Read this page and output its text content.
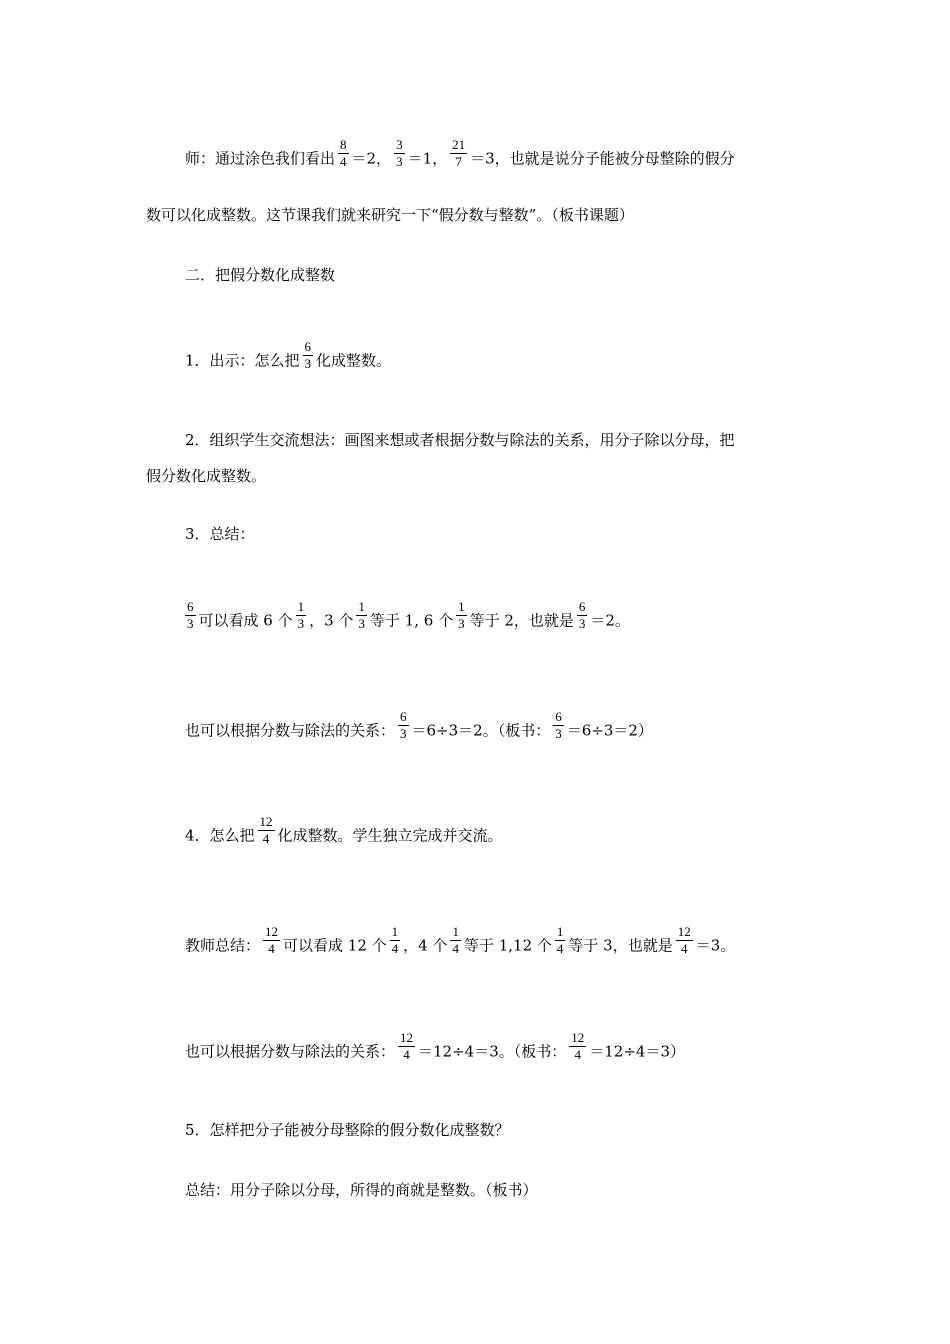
师：通过涂色我们看出 $\frac{8}{4} =2$， $\frac{3}{3} =1$， $\frac{21}{7} =3$，也就是说分子能被分母整除的假分
数可以化成整数。这节课我们就来研究一下“假分数与整数”。（板书课题）
二．把假分数化成整数
1．出示：怎么把 $\frac{6}{3}$ 化成整数。
2．组织学生交流想法：画图来想或者根据分数与除法的关系，用分子除以分母，把
假分数化成整数。
3．总结：
$\frac{6}{3}$ 可以看成 6 个 $\frac{1}{3}$ ，3 个 $\frac{1}{3}$ 等于 1, 6 个 $\frac{1}{3}$ 等于 2，也就是 $\frac{6}{3} =2$。
也可以根据分数与除法的关系： $\frac{6}{3} =6\div 3=2$。（板书： $\frac{6}{3} =6\div 3=2$）
4．怎么把 $\frac{12}{4}$ 化成整数。学生独立完成并交流。
教师总结： $\frac{12}{4}$ 可以看成 12 个 $\frac{1}{4}$ ，4 个 $\frac{1}{4}$ 等于 1,12 个 $\frac{1}{4}$ 等于 3，也就是 $\frac{12}{4} =3$。
也可以根据分数与除法的关系： $\frac{12}{4} =12\div 4=3$。（板书： $\frac{12}{4} =12\div 4=3$）
5．怎样把分子能被分母整除的假分数化成整数？
总结：用分子除以分母，所得的商就是整数。（板书）
